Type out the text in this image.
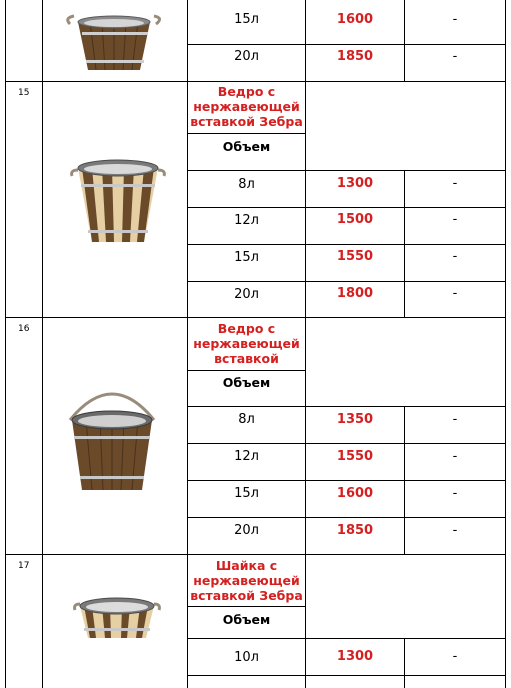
15л	1600	-
20л	1850	-
15	Ведро с нержавеющей вставкой Зебра
Объем
8л	1300	-
12л	1500	-
15л	1550	-
20л	1800	-
16	Ведро с нержавеющей вставкой
Объем
8л	1350	-
12л	1550	-
15л	1600	-
20л	1850	-
17	Шайка с нержавеющей вставкой Зебра
Объем
10л	1300	-
